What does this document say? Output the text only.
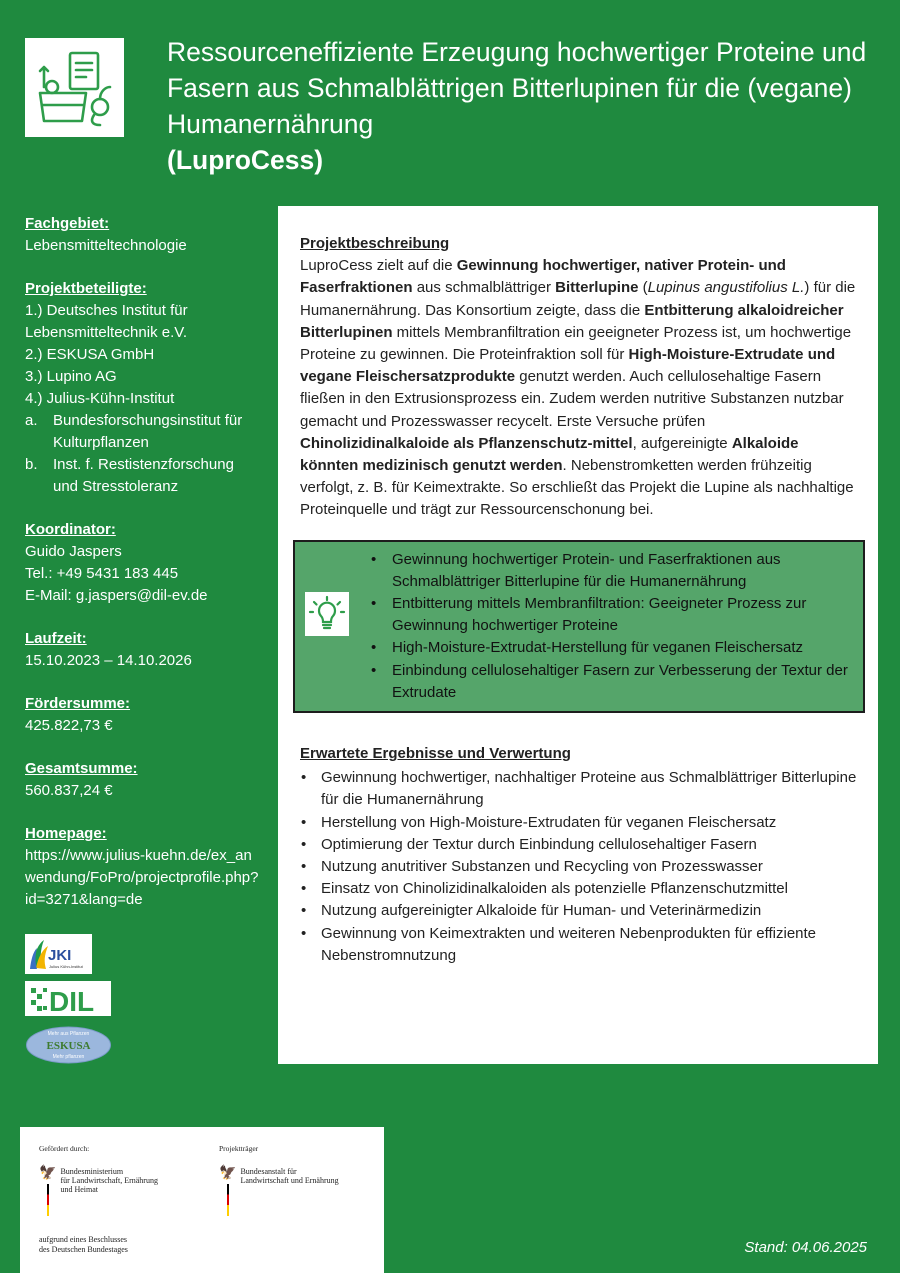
Ressourceneffiziente Erzeugung hochwertiger Proteine und Fasern aus Schmalblättrigen Bitterlupinen für die (vegane) Humanernährung
(LuproCess)
Fachgebiet:
Lebensmitteltechnologie
Projektbeteiligte:
1.) Deutsches Institut für Lebensmitteltechnik e.V.
2.) ESKUSA GmbH
3.) Lupino AG
4.) Julius-Kühn-Institut
a.	Bundesforschungsinstitut für Kulturpflanzen
b.	Inst. f. Restistenzforschung und Stresstoleranz
Koordinator:
Guido Jaspers
Tel.: +49 5431 183 445
E-Mail: g.jaspers@dil-ev.de
Laufzeit:
15.10.2023 – 14.10.2026
Fördersumme:
425.822,73 €
Gesamtsumme:
560.837,24 €
Homepage:
https://www.julius-kuehn.de/ex_anwendung/FoPro/projectprofile.php?id=3271&lang=de
JKI
Julius Kühn-Institut
DIL
Mehr aus Pflanzen
ESKUSA
Mehr pflanzen
Projektbeschreibung

LuproCess zielt auf die Gewinnung hochwertiger, nativer Protein- und Faserfraktionen aus schmalblättriger Bitterlupine (Lupinus angustifolius L.) für die Humanernährung. Das Konsortium zeigte, dass die Entbitterung alkaloidreicher Bitterlupinen mittels Membranfiltration ein geeigneter Prozess ist, um hochwertige Proteine zu gewinnen. Die Proteinfraktion soll für High-Moisture-Extrudate und vegane Fleischersatzprodukte genutzt werden. Auch cellulosehaltige Fasern fließen in den Extrusionsprozess ein. Zudem werden nutritive Substanzen nutzbar gemacht und Prozesswasser recycelt. Erste Versuche prüfen Chinolizidinalkaloide als Pflanzenschutz-mittel, aufgereinigte Alkaloide könnten medizinisch genutzt werden. Nebenstromketten werden frühzeitig verfolgt, z. B. für Keimextrakte. So erschließt das Projekt die Lupine als nachhaltige Proteinquelle und trägt zur Ressourcenschonung bei.

• Gewinnung hochwertiger Protein- und Faserfraktionen aus Schmalblättriger Bitterlupine für die Humanernährung
• Entbitterung mittels Membranfiltration: Geeigneter Prozess zur Gewinnung hochwertiger Proteine
• High-Moisture-Extrudat-Herstellung für veganen Fleischersatz
• Einbindung cellulosehaltiger Fasern zur Verbesserung der Textur der Extrudate
Erwartete Ergebnisse und Verwertung
• Gewinnung hochwertiger, nachhaltiger Proteine aus Schmalblättriger Bitterlupine für die Humanernährung
• Herstellung von High-Moisture-Extrudaten für veganen Fleischersatz
• Optimierung der Textur durch Einbindung cellulosehaltiger Fasern
• Nutzung anutritiver Substanzen und Recycling von Prozesswasser
• Einsatz von Chinolizidinalkaloiden als potenzielle Pflanzenschutzmittel
• Nutzung aufgereinigter Alkaloide für Human- und Veterinärmedizin
• Gewinnung von Keimextrakten und weiteren Nebenprodukten für effiziente Nebenstromnutzung
Gefördert durch:
🦅 Bundesministerium
für Landwirtschaft, Ernährung
und Heimat
Projektträger
🦅 Bundesanstalt für
Landwirtschaft und Ernährung
aufgrund eines Beschlusses
des Deutschen Bundestages	Stand: 04.06.2025
